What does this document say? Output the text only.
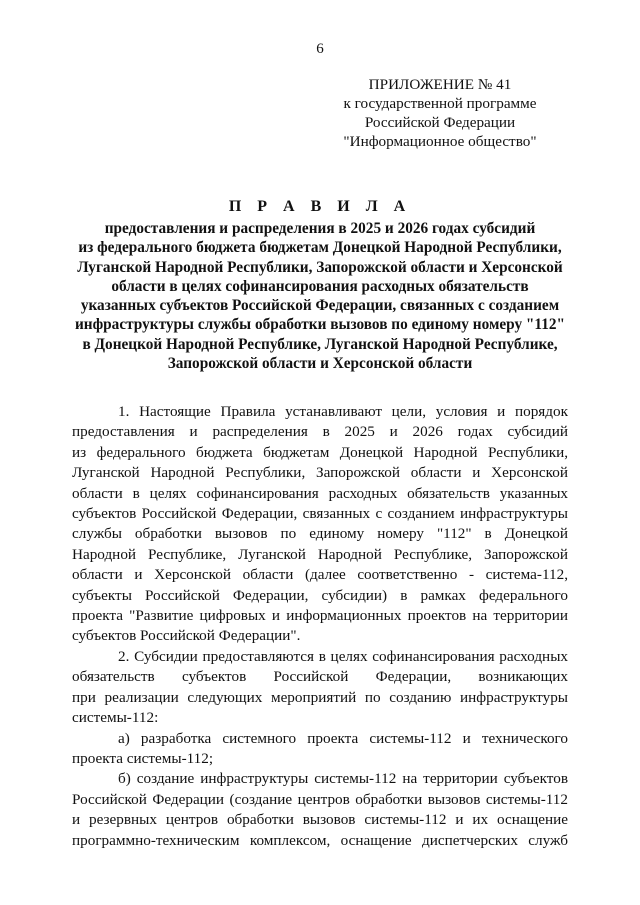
6
ПРИЛОЖЕНИЕ № 41
к государственной программе
Российской Федерации
"Информационное общество"
П Р А В И Л А
предоставления и распределения в 2025 и 2026 годах субсидий
из федерального бюджета бюджетам Донецкой Народной Республики,
Луганской Народной Республики, Запорожской области и Херсонской
области в целях софинансирования расходных обязательств
указанных субъектов Российской Федерации, связанных с созданием
инфраструктуры службы обработки вызовов по единому номеру "112"
в Донецкой Народной Республике, Луганской Народной Республике,
Запорожской области и Херсонской области
1. Настоящие Правила устанавливают цели, условия и порядок
предоставления и распределения в 2025 и 2026 годах субсидий
из федерального бюджета бюджетам Донецкой Народной Республики,
Луганской Народной Республики, Запорожской области и Херсонской
области в целях софинансирования расходных обязательств указанных
субъектов Российской Федерации, связанных с созданием инфраструктуры
службы обработки вызовов по единому номеру "112" в Донецкой
Народной Республике, Луганской Народной Республике, Запорожской
области и Херсонской области (далее соответственно - система-112,
субъекты Российской Федерации, субсидии) в рамках федерального
проекта "Развитие цифровых и информационных проектов на территории
субъектов Российской Федерации".
2. Субсидии предоставляются в целях софинансирования расходных
обязательств субъектов Российской Федерации, возникающих
при реализации следующих мероприятий по созданию инфраструктуры
системы-112:
а) разработка системного проекта системы-112 и технического
проекта системы-112;
б) создание инфраструктуры системы-112 на территории субъектов
Российской Федерации (создание центров обработки вызовов системы-112
и резервных центров обработки вызовов системы-112 и их оснащение
программно-техническим комплексом, оснащение диспетчерских служб
